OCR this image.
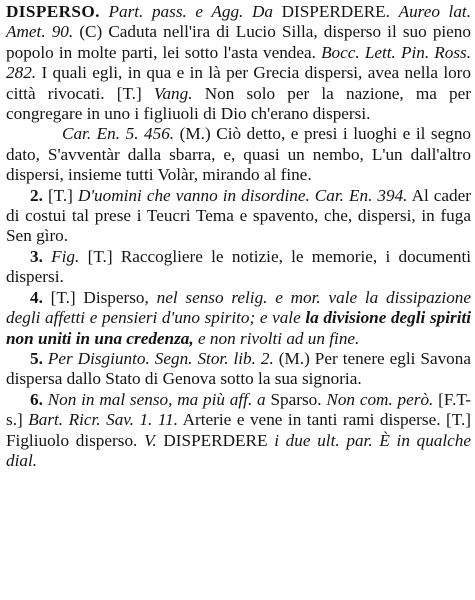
DISPERSO. Part. pass. e Agg. Da DISPERDERE. Aureo lat. Amet. 90. (C) Caduta nell'ira di Lucio Silla, disperso il suo pieno popolo in molte parti, lei sotto l'asta vendea. Bocc. Lett. Pin. Ross. 282. I quali egli, in qua e in là per Grecia dispersi, avea nella loro città rivocati. [T.] Vang. Non solo per la nazione, ma per congregare in uno i figliuoli di Dio ch'erano dispersi.

Car. En. 5. 456. (M.) Ciò detto, e presi i luoghi e il segno dato, S'avventàr dalla sbarra, e, quasi un nembo, L'un dall'altro dispersi, insieme tutti Volàr, mirando al fine.

2. [T.] D'uomini che vanno in disordine. Car. En. 394. Al cader di costui tal prese i Teucri Tema e spavento, che, dispersi, in fuga Sen gìro.

3. Fig. [T.] Raccogliere le notizie, le memorie, i documenti dispersi.

4. [T.] Disperso, nel senso relig. e mor. vale la dissipazione degli affetti e pensieri d'uno spirito; e vale la divisione degli spiriti non uniti in una credenza, e non rivolti ad un fine.

5. Per Disgiunto. Segn. Stor. lib. 2. (M.) Per tenere egli Savona dispersa dallo Stato di Genova sotto la sua signoria.

6. Non in mal senso, ma più aff. a Sparso. Non com. però. [F.T-s.] Bart. Ricr. Sav. 1. 11. Arterie e vene in tanti rami disperse. [T.] Figliuolo disperso. V. DISPERDERE i due ult. par. È in qualche dial.
